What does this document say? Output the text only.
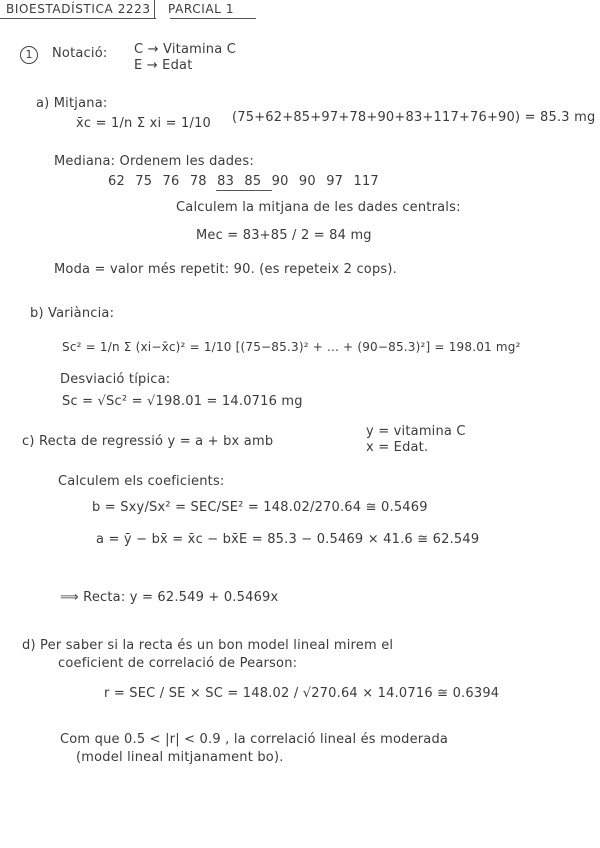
BIOESTADÍSTICA 2223 PARCIAL 1
1	Notació: C → Vitamina C
E → Edat
a) Mitjana:
x̄c = 1/n Σ xi = 1/10 (75+62+85+97+78+90+83+117+76+90) = 85.3 mg
Mediana: Ordenem les dades:
62 75 76 78 83 85 90 90 97 117
Calculem la mitjana de les dades centrals:
Mec = 83+85 / 2 = 84 mg
Moda = valor més repetit: 90. (es repeteix 2 cops).
b) Variància:
Sc² = 1/n Σ (xi−x̄c)² = 1/10 [(75−85.3)² + ... + (90−85.3)²] = 198.01 mg²
Desviació típica:
Sc = √Sc² = √198.01 = 14.0716 mg
c) Recta de regressió y = a + bx amb
y = vitamina C
x = Edat.
Calculem els coeficients:
b = Sxy/Sx² = SEC/SE² = 148.02/270.64 ≅ 0.5469
a = ȳ − bx̄ = x̄c − bx̄E = 85.3 − 0.5469 × 41.6 ≅ 62.549
⟹ Recta: y = 62.549 + 0.5469x
d) Per saber si la recta és un bon model lineal mirem el
coeficient de correlació de Pearson:
r = SEC / SE × SC = 148.02 / √270.64 × 14.0716 ≅ 0.6394
Com que 0.5 < |r| < 0.9 , la correlació lineal és moderada
(model lineal mitjanament bo).
